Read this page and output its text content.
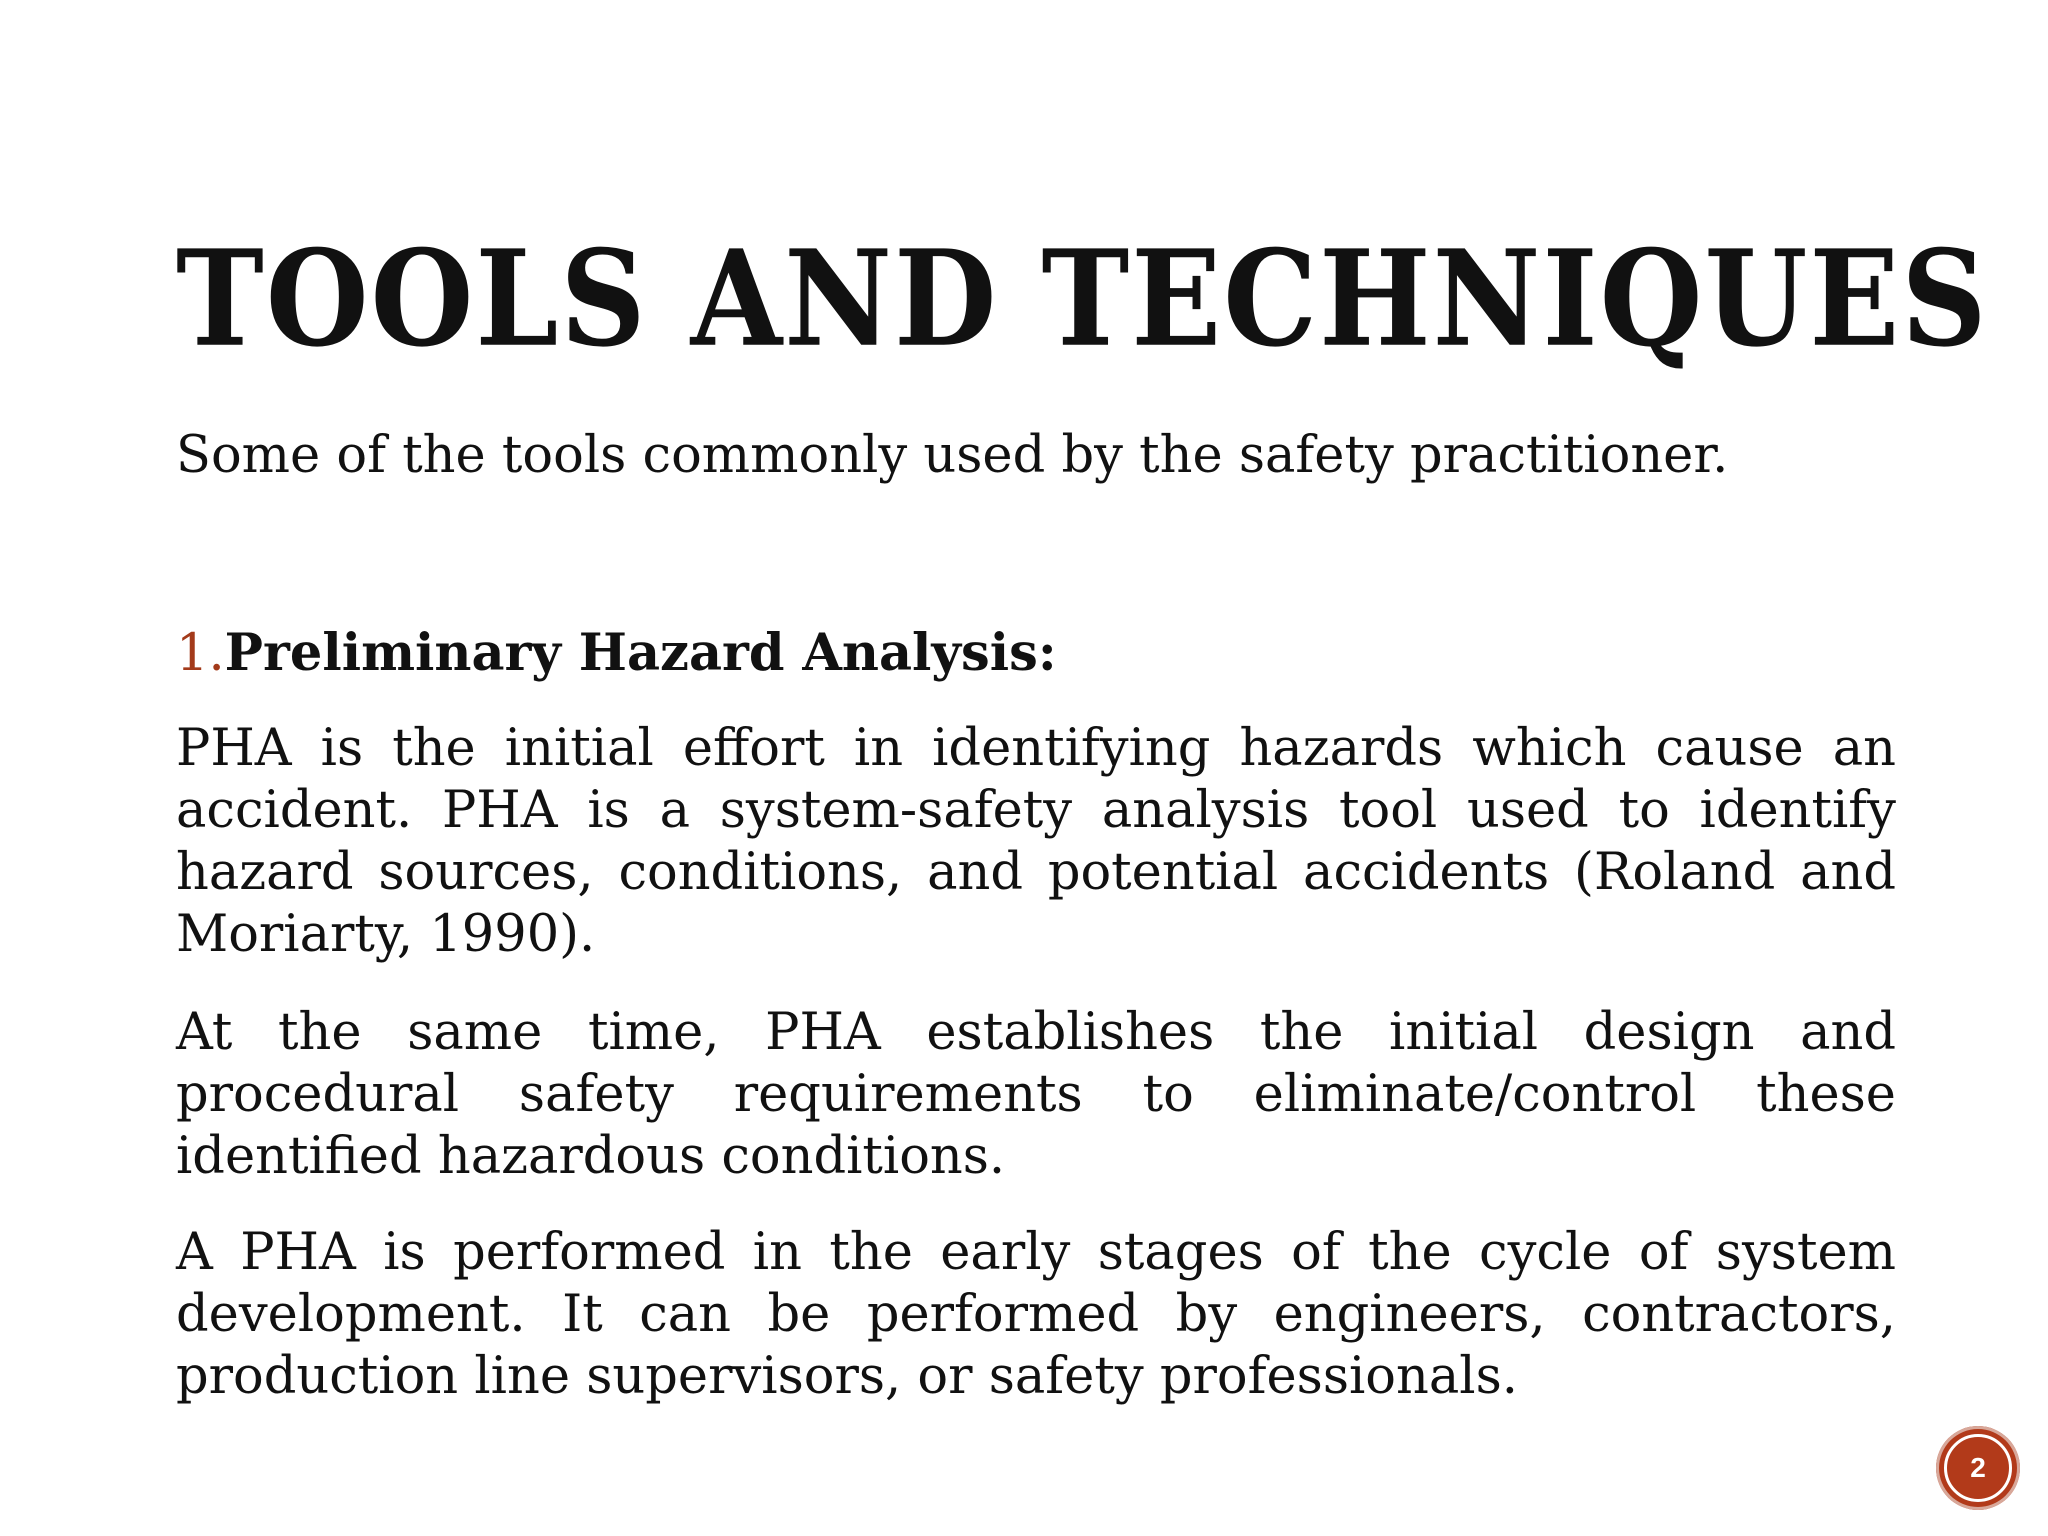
TOOLS AND TECHNIQUES

Some of the tools commonly used by the safety practitioner.

1.Preliminary Hazard Analysis:

PHA is the initial effort in identifying hazards which cause an accident. PHA is a system-safety analysis tool used to identify hazard sources, conditions, and potential accidents (Roland and Moriarty, 1990).

At the same time, PHA establishes the initial design and procedural safety requirements to eliminate/control these identified hazardous conditions.

A PHA is performed in the early stages of the cycle of system development. It can be performed by engineers, contractors, production line supervisors, or safety professionals.

2
